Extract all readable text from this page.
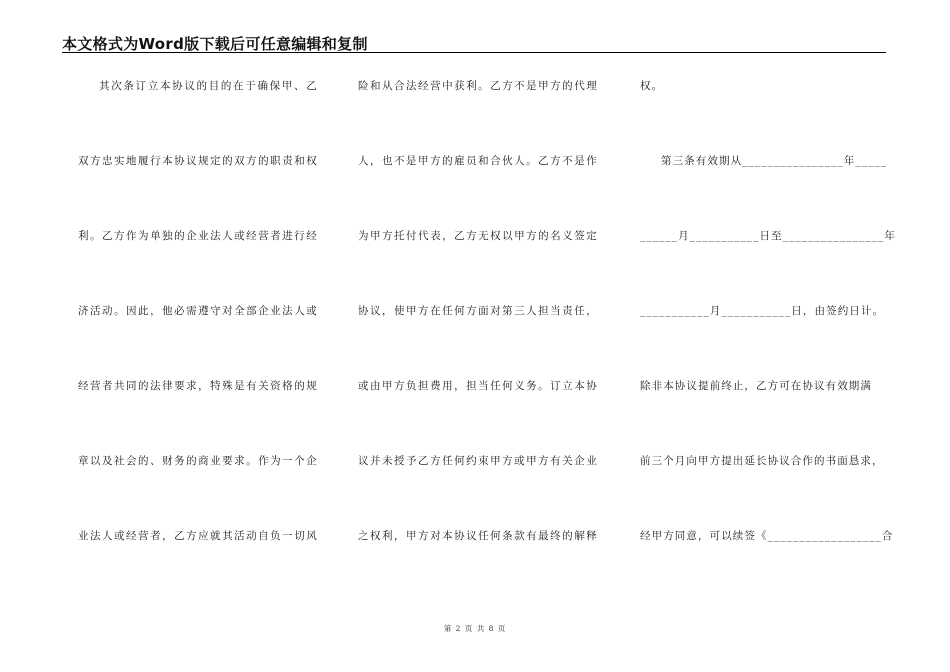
本文格式为Word版下载后可任意编辑和复制
其次条订立本协议的目的在于确保甲、乙
双方忠实地履行本协议规定的双方的职责和权
利。乙方作为单独的企业法人或经营者进行经
济活动。因此，他必需遵守对全部企业法人或
经营者共同的法律要求，特殊是有关资格的规
章以及社会的、财务的商业要求。作为一个企
业法人或经营者，乙方应就其活动自负一切风
险和从合法经营中获利。乙方不是甲方的代理
人，也不是甲方的雇员和合伙人。乙方不是作
为甲方托付代表，乙方无权以甲方的名义签定
协议，使甲方在任何方面对第三人担当责任，
或由甲方负担费用，担当任何义务。订立本协
议并未授予乙方任何约束甲方或甲方有关企业
之权利，甲方对本协议任何条款有最终的解释
权。
第三条有效期从________________年_____
______月___________日至________________年
___________月___________日，由签约日计。
除非本协议提前终止，乙方可在协议有效期满
前三个月向甲方提出延长协议合作的书面恳求，
经甲方同意，可以续签《__________________合
第 2 页 共 8 页
